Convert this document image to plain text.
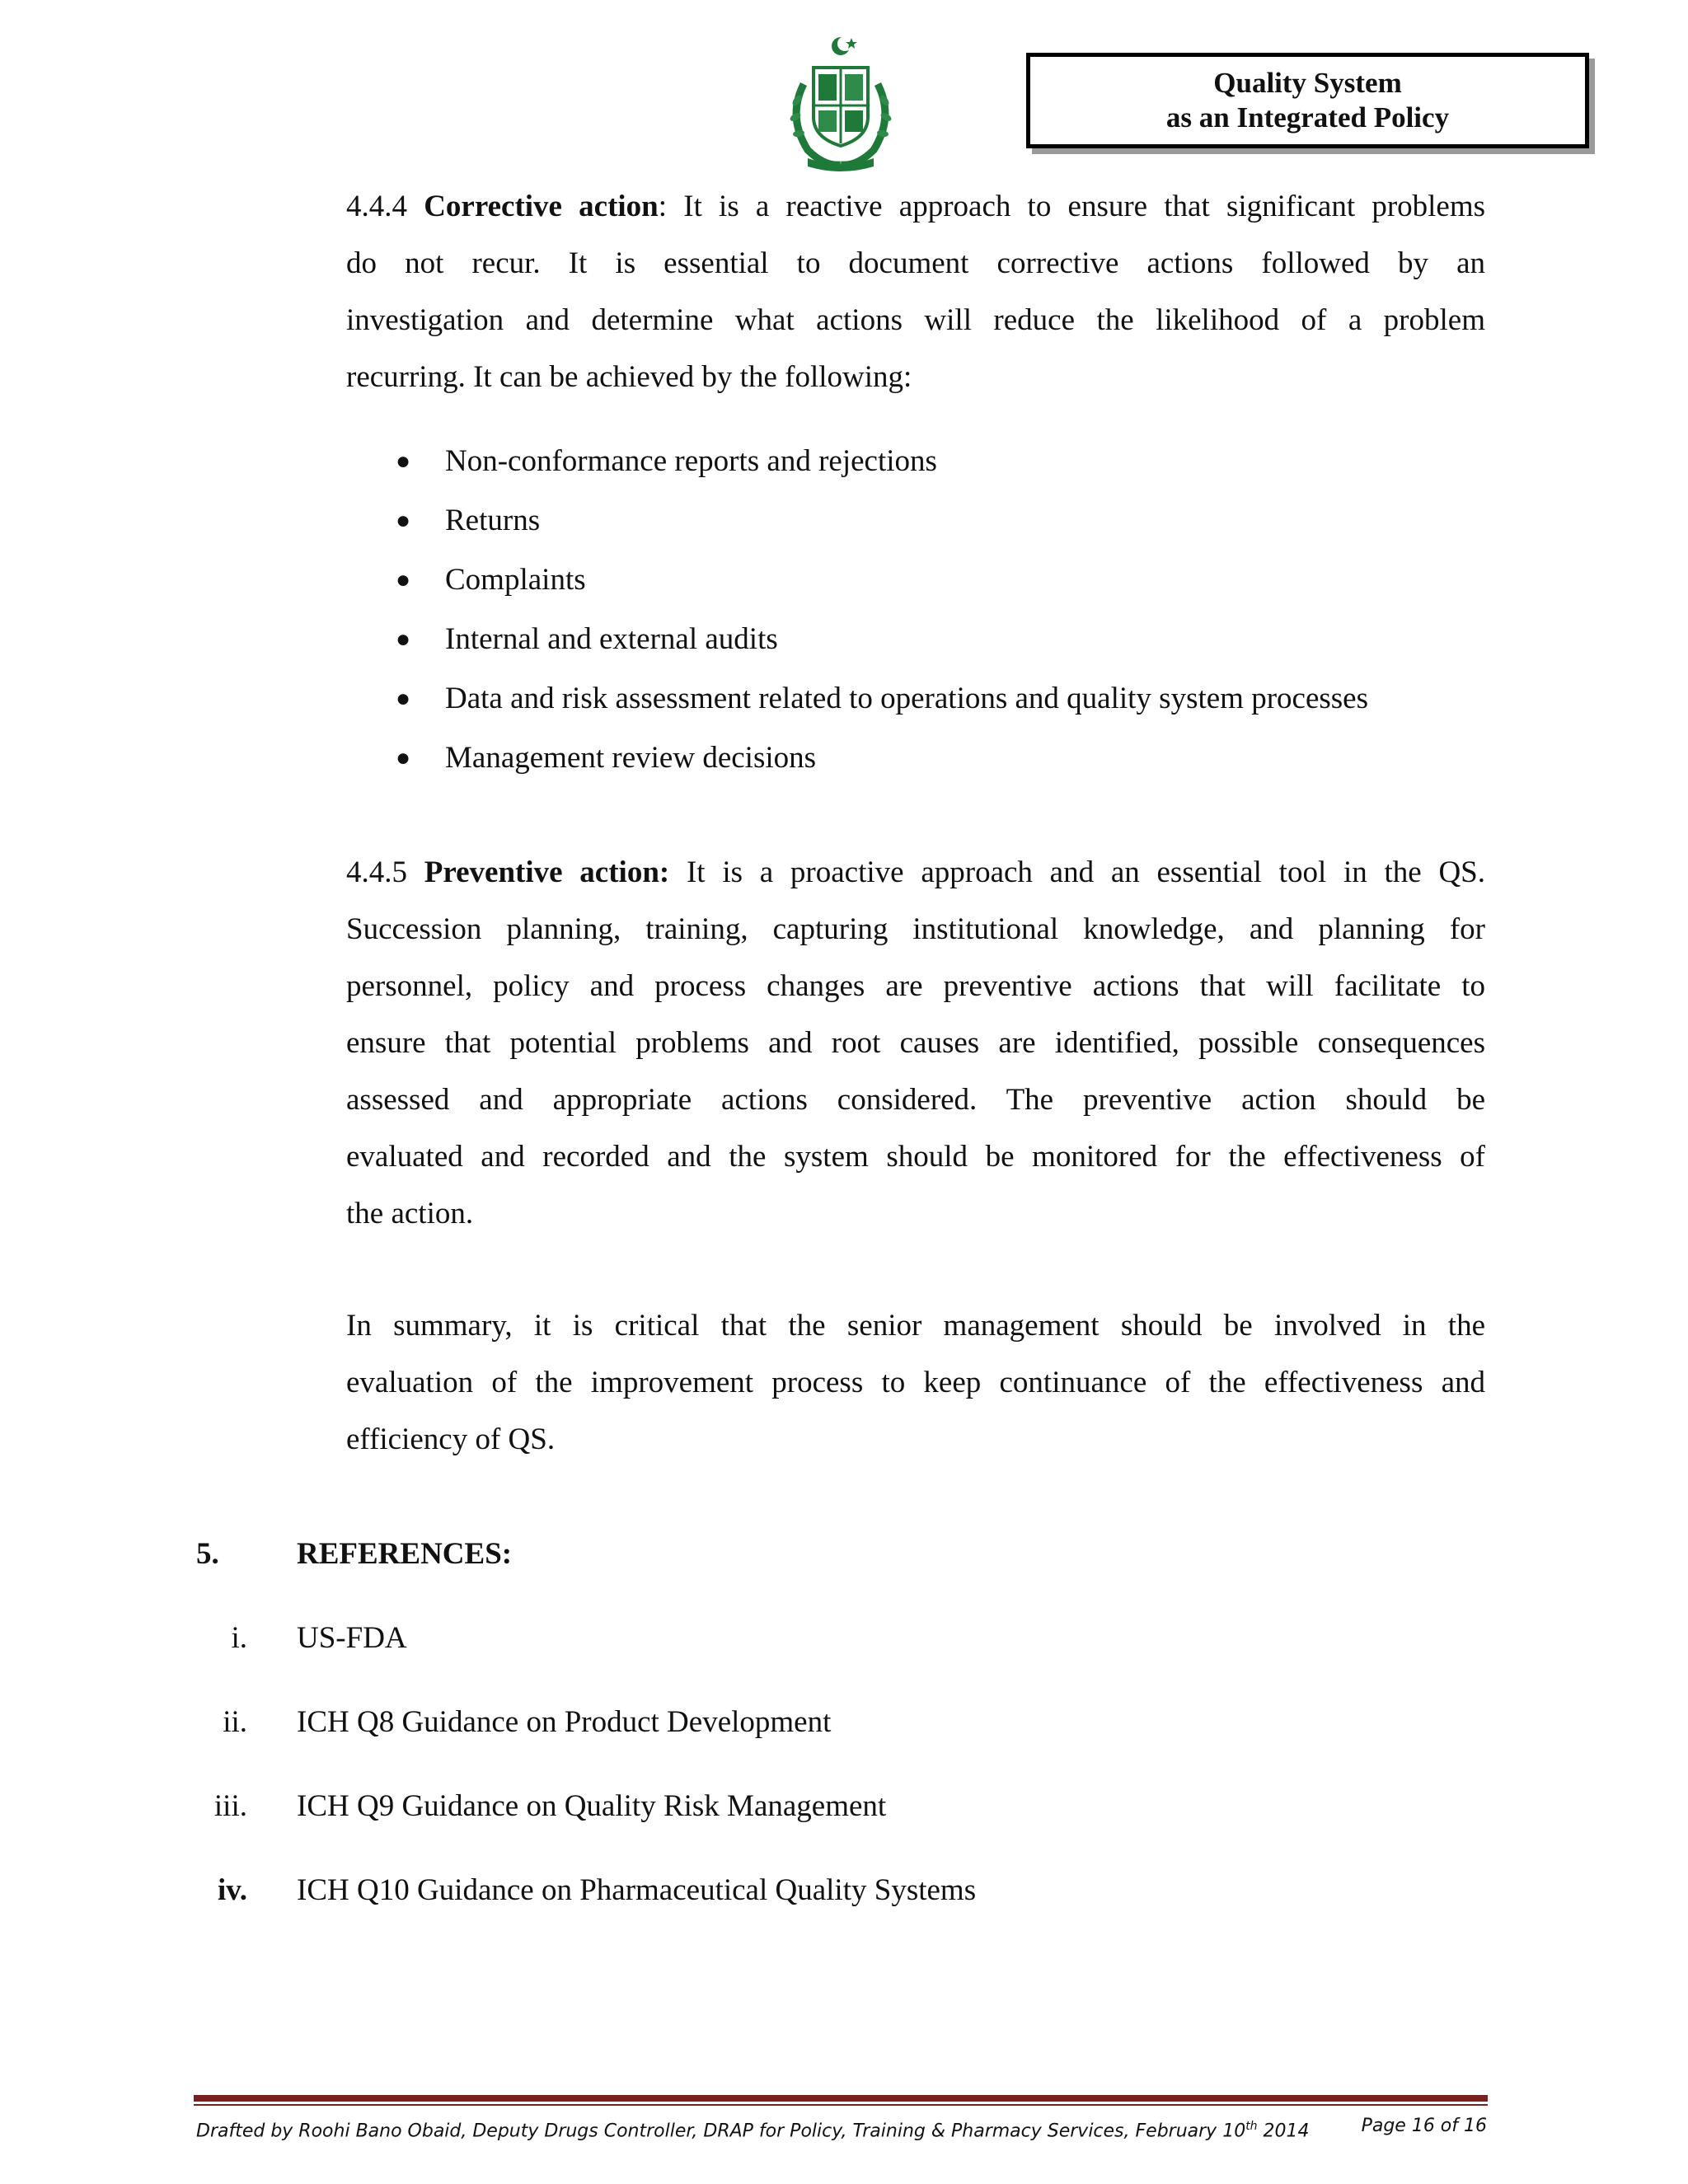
Quality System
as an Integrated Policy
4.4.4 Corrective action: It is a reactive approach to ensure that significant problems
do not recur. It is essential to document corrective actions followed by an
investigation and determine what actions will reduce the likelihood of a problem
recurring. It can be achieved by the following:
● Non-conformance reports and rejections
● Returns
● Complaints
● Internal and external audits
● Data and risk assessment related to operations and quality system processes
● Management review decisions
4.4.5 Preventive action: It is a proactive approach and an essential tool in the QS.
Succession planning, training, capturing institutional knowledge, and planning for
personnel, policy and process changes are preventive actions that will facilitate to
ensure that potential problems and root causes are identified, possible consequences
assessed and appropriate actions considered. The preventive action should be
evaluated and recorded and the system should be monitored for the effectiveness of
the action.
In summary, it is critical that the senior management should be involved in the
evaluation of the improvement process to keep continuance of the effectiveness and
efficiency of QS.
5.	REFERENCES:
i. US-FDA
ii. ICH Q8 Guidance on Product Development
iii. ICH Q9 Guidance on Quality Risk Management
iv. ICH Q10 Guidance on Pharmaceutical Quality Systems
Drafted by Roohi Bano Obaid, Deputy Drugs Controller, DRAP for Policy, Training & Pharmacy Services, February 10th 2014	Page 16 of 16
